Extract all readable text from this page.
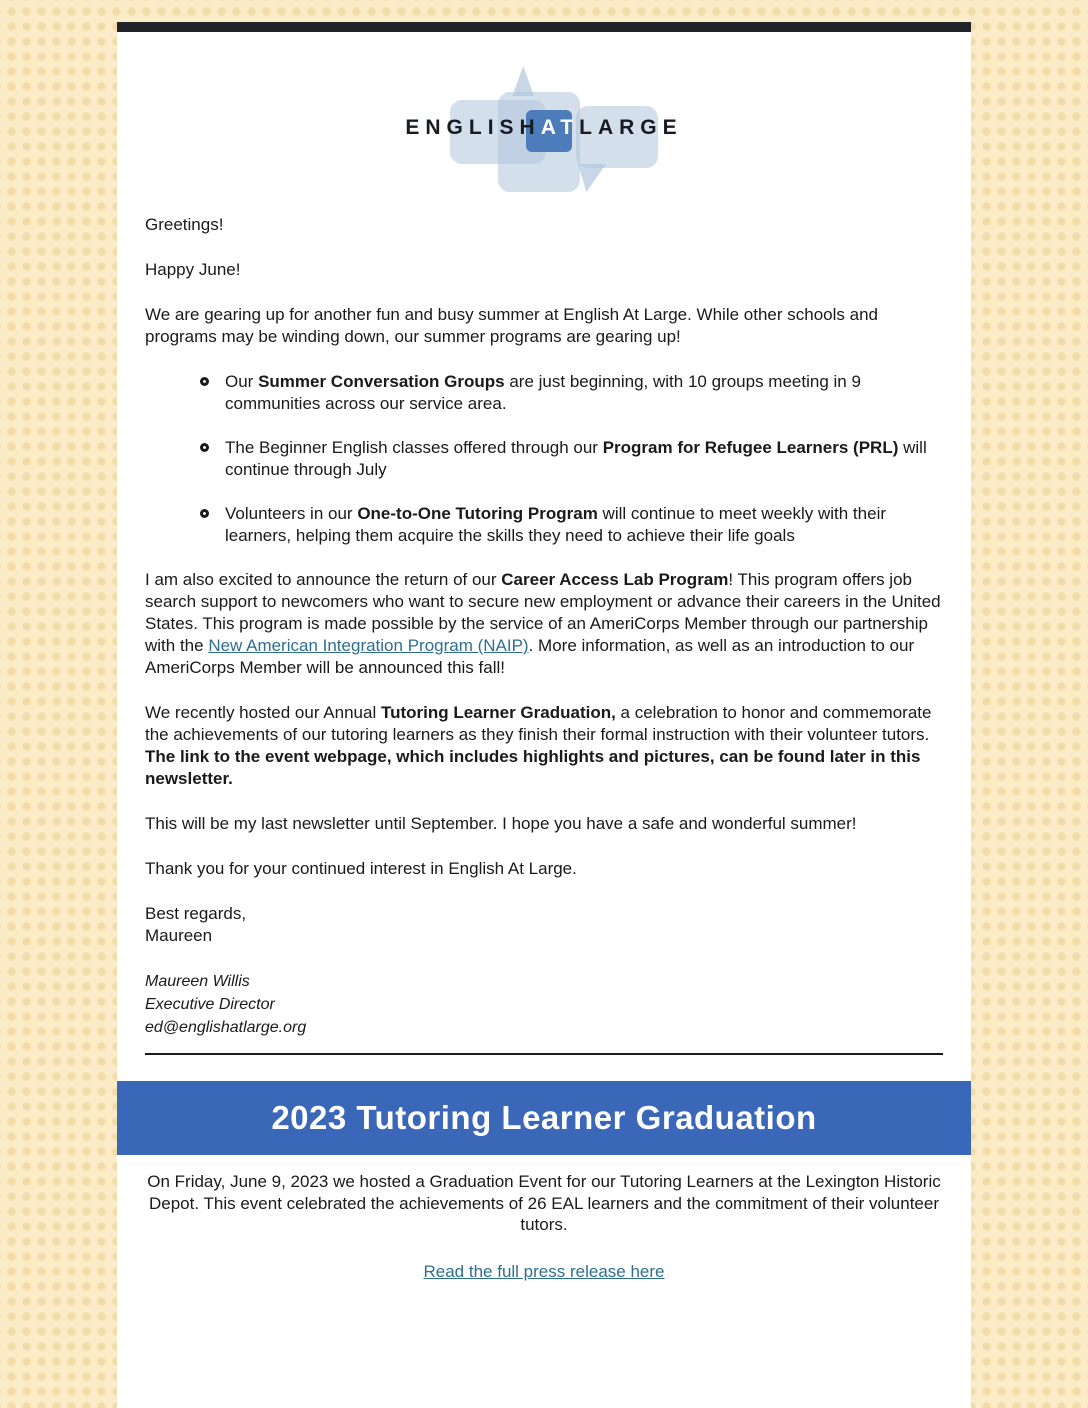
ENGLISHATLARGE

Greetings!

Happy June!

We are gearing up for another fun and busy summer at English At Large. While other schools and programs may be winding down, our summer programs are gearing up!

Our Summer Conversation Groups are just beginning, with 10 groups meeting in 9 communities across our service area.
The Beginner English classes offered through our Program for Refugee Learners (PRL) will continue through July
Volunteers in our One-to-One Tutoring Program will continue to meet weekly with their learners, helping them acquire the skills they need to achieve their life goals

I am also excited to announce the return of our Career Access Lab Program! This program offers job search support to newcomers who want to secure new employment or advance their careers in the United States. This program is made possible by the service of an AmeriCorps Member through our partnership with the New American Integration Program (NAIP). More information, as well as an introduction to our AmeriCorps Member will be announced this fall!

We recently hosted our Annual Tutoring Learner Graduation, a celebration to honor and commemorate the achievements of our tutoring learners as they finish their formal instruction with their volunteer tutors. The link to the event webpage, which includes highlights and pictures, can be found later in this newsletter.

This will be my last newsletter until September. I hope you have a safe and wonderful summer!

Thank you for your continued interest in English At Large.

Best regards,
Maureen

Maureen Willis
Executive Director
ed@englishatlarge.org
2023 Tutoring Learner Graduation

On Friday, June 9, 2023 we hosted a Graduation Event for our Tutoring Learners at the Lexington Historic Depot. This event celebrated the achievements of 26 EAL learners and the commitment of their volunteer tutors.

Read the full press release here
